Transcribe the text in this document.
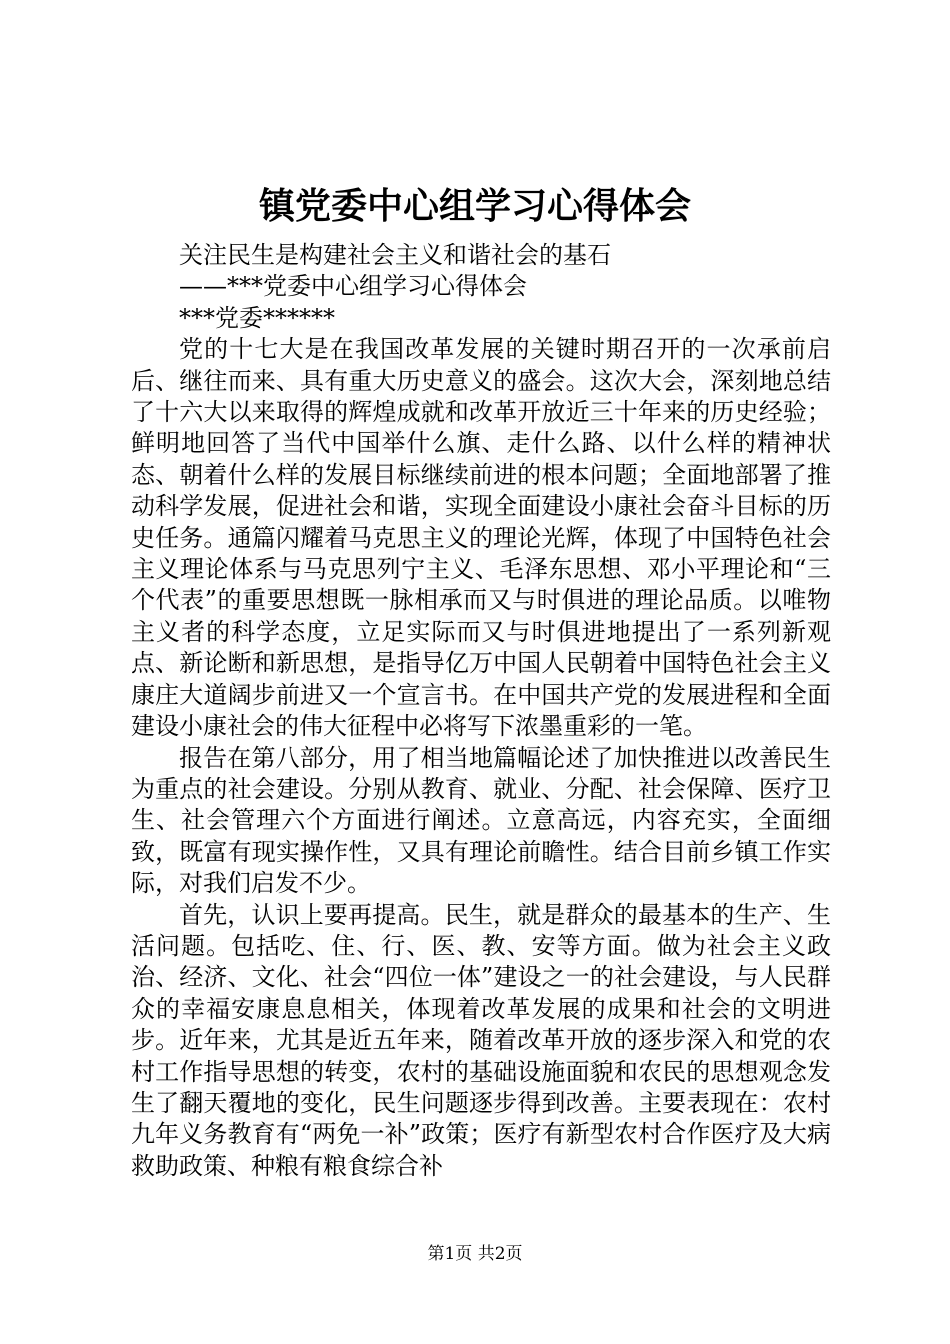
镇党委中心组学习心得体会

关注民生是构建社会主义和谐社会的基石

——***党委中心组学习心得体会

***党委******

党的十七大是在我国改革发展的关键时期召开的一次承前启后、继往而来、具有重大历史意义的盛会。这次大会，深刻地总结了十六大以来取得的辉煌成就和改革开放近三十年来的历史经验；鲜明地回答了当代中国举什么旗、走什么路、以什么样的精神状态、朝着什么样的发展目标继续前进的根本问题；全面地部署了推动科学发展，促进社会和谐，实现全面建设小康社会奋斗目标的历史任务。通篇闪耀着马克思主义的理论光辉，体现了中国特色社会主义理论体系与马克思列宁主义、毛泽东思想、邓小平理论和“三个代表”的重要思想既一脉相承而又与时俱进的理论品质。以唯物主义者的科学态度，立足实际而又与时俱进地提出了一系列新观点、新论断和新思想，是指导亿万中国人民朝着中国特色社会主义康庄大道阔步前进又一个宣言书。在中国共产党的发展进程和全面建设小康社会的伟大征程中必将写下浓墨重彩的一笔。

报告在第八部分，用了相当地篇幅论述了加快推进以改善民生为重点的社会建设。分别从教育、就业、分配、社会保障、医疗卫生、社会管理六个方面进行阐述。立意高远，内容充实，全面细致，既富有现实操作性，又具有理论前瞻性。结合目前乡镇工作实际，对我们启发不少。

首先，认识上要再提高。民生，就是群众的最基本的生产、生活问题。包括吃、住、行、医、教、安等方面。做为社会主义政治、经济、文化、社会“四位一体”建设之一的社会建设，与人民群众的幸福安康息息相关，体现着改革发展的成果和社会的文明进步。近年来，尤其是近五年来，随着改革开放的逐步深入和党的农村工作指导思想的转变，农村的基础设施面貌和农民的思想观念发生了翻天覆地的变化，民生问题逐步得到改善。主要表现在：农村九年义务教育有“两免一补”政策；医疗有新型农村合作医疗及大病救助政策、种粮有粮食综合补

第1页 共2页
